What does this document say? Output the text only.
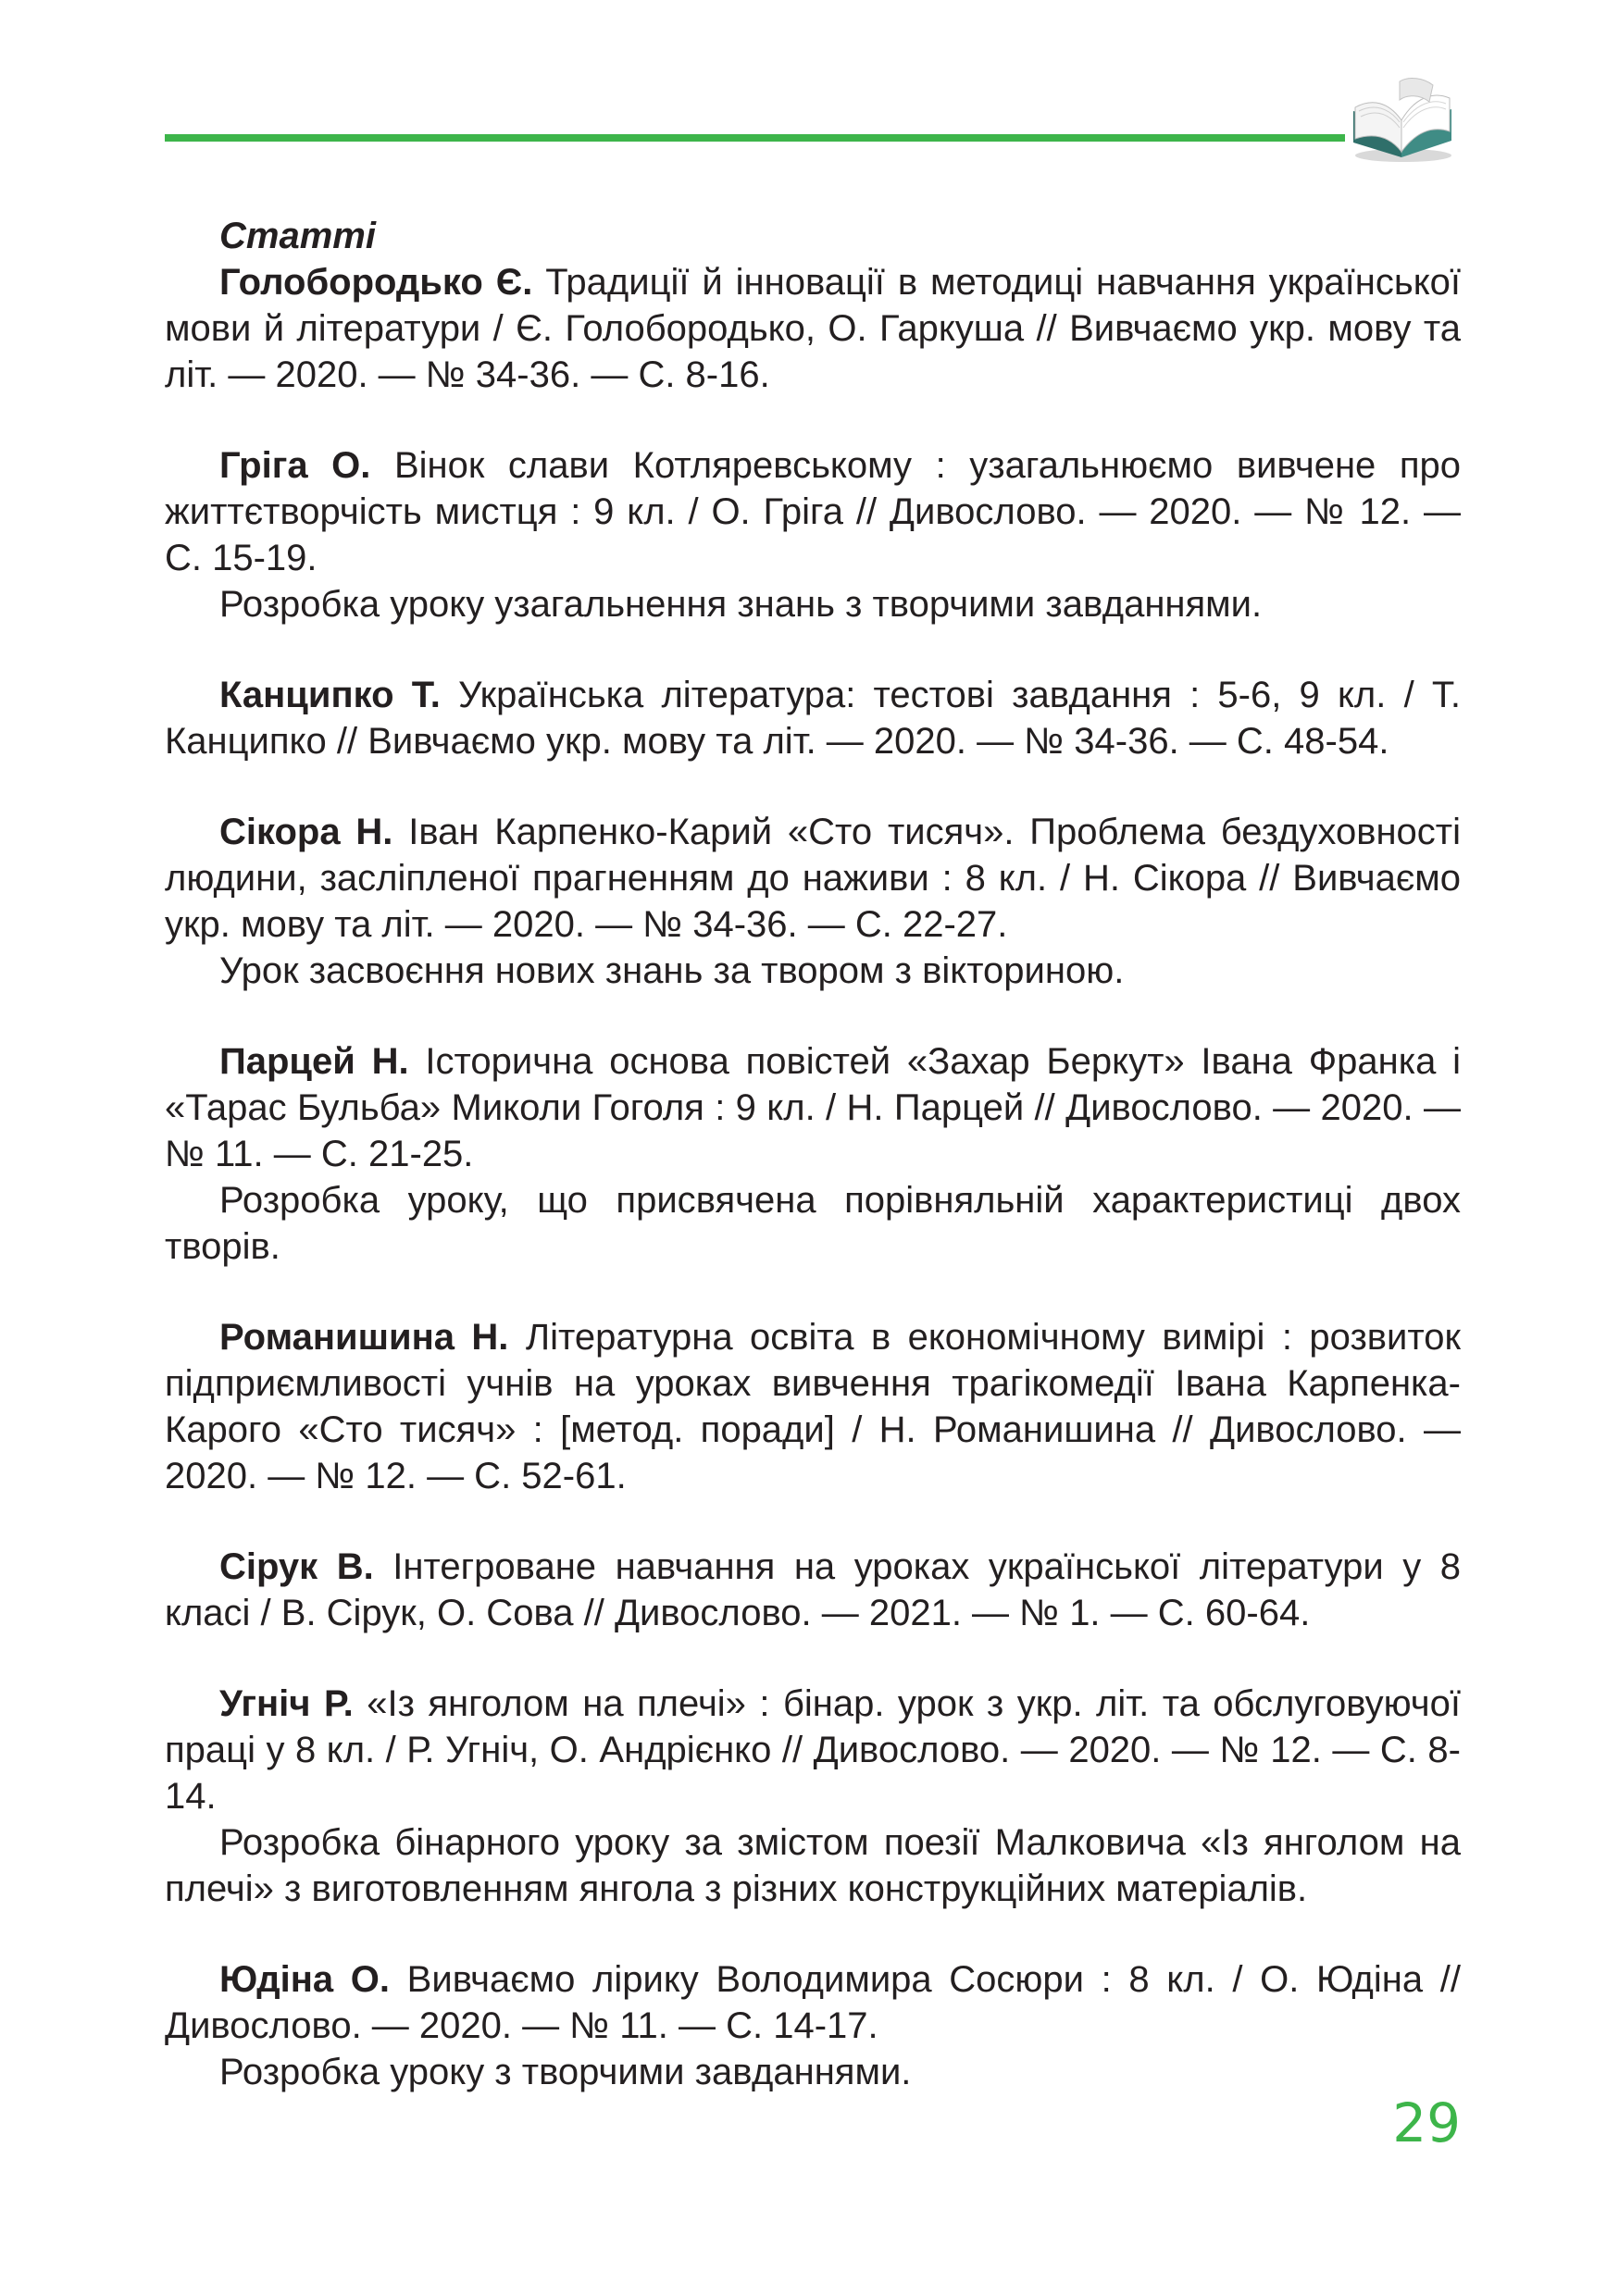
Статті

Голобородько Є. Традиції й інновації в методиці навчання української мови й літератури / Є. Голобородько, О. Гаркуша // Вивчаємо укр. мову та літ. — 2020. — № 34-36. — С. 8-16.

Гріга О. Вінок слави Котляревському : узагальнюємо вивчене про життєтворчість мистця : 9 кл. / О. Гріга // Дивослово. — 2020. — № 12. — С. 15-19.

Розробка уроку узагальнення знань з творчими завданнями.

Канципко Т. Українська література: тестові завдання : 5-6, 9 кл. / Т. Канципко // Вивчаємо укр. мову та літ. — 2020. — № 34-36. — С. 48-54.

Сікора Н. Іван Карпенко-Карий «Сто тисяч». Проблема бездуховності людини, засліпленої прагненням до наживи : 8 кл. / Н. Сікора // Вивчаємо укр. мову та літ. — 2020. — № 34-36. — С. 22-27.

Урок засвоєння нових знань за твором з вікториною.

Парцей Н. Історична основа повістей «Захар Беркут» Івана Франка і «Тарас Бульба» Миколи Гоголя : 9 кл. / Н. Парцей // Дивослово. — 2020. — № 11. — С. 21-25.

Розробка уроку, що присвячена порівняльній характеристиці двох творів.

Романишина Н. Літературна освіта в економічному вимірі : розвиток підприємливості учнів на уроках вивчення трагікомедії Івана Карпенка-Карого «Сто тисяч» : [метод. поради] / Н. Романишина // Дивослово. — 2020. — № 12. — С. 52-61.

Сірук В. Інтегроване навчання на уроках української літератури у 8 класі / В. Сірук, О. Сова // Дивослово. — 2021. — № 1. — С. 60-64.

Угніч Р. «Із янголом на плечі» : бінар. урок з укр. літ. та обслуговуючої праці у 8 кл. / Р. Угніч, О. Андрієнко // Дивослово. — 2020. — № 12. — С. 8-14.

Розробка бінарного уроку за змістом поезії Малковича «Із янголом на плечі» з виготовленням янгола з різних конструкційних матеріалів.

Юдіна О. Вивчаємо лірику Володимира Сосюри : 8 кл. / О. Юдіна // Дивослово. — 2020. — № 11. — С. 14-17.

Розробка уроку з творчими завданнями.

29
